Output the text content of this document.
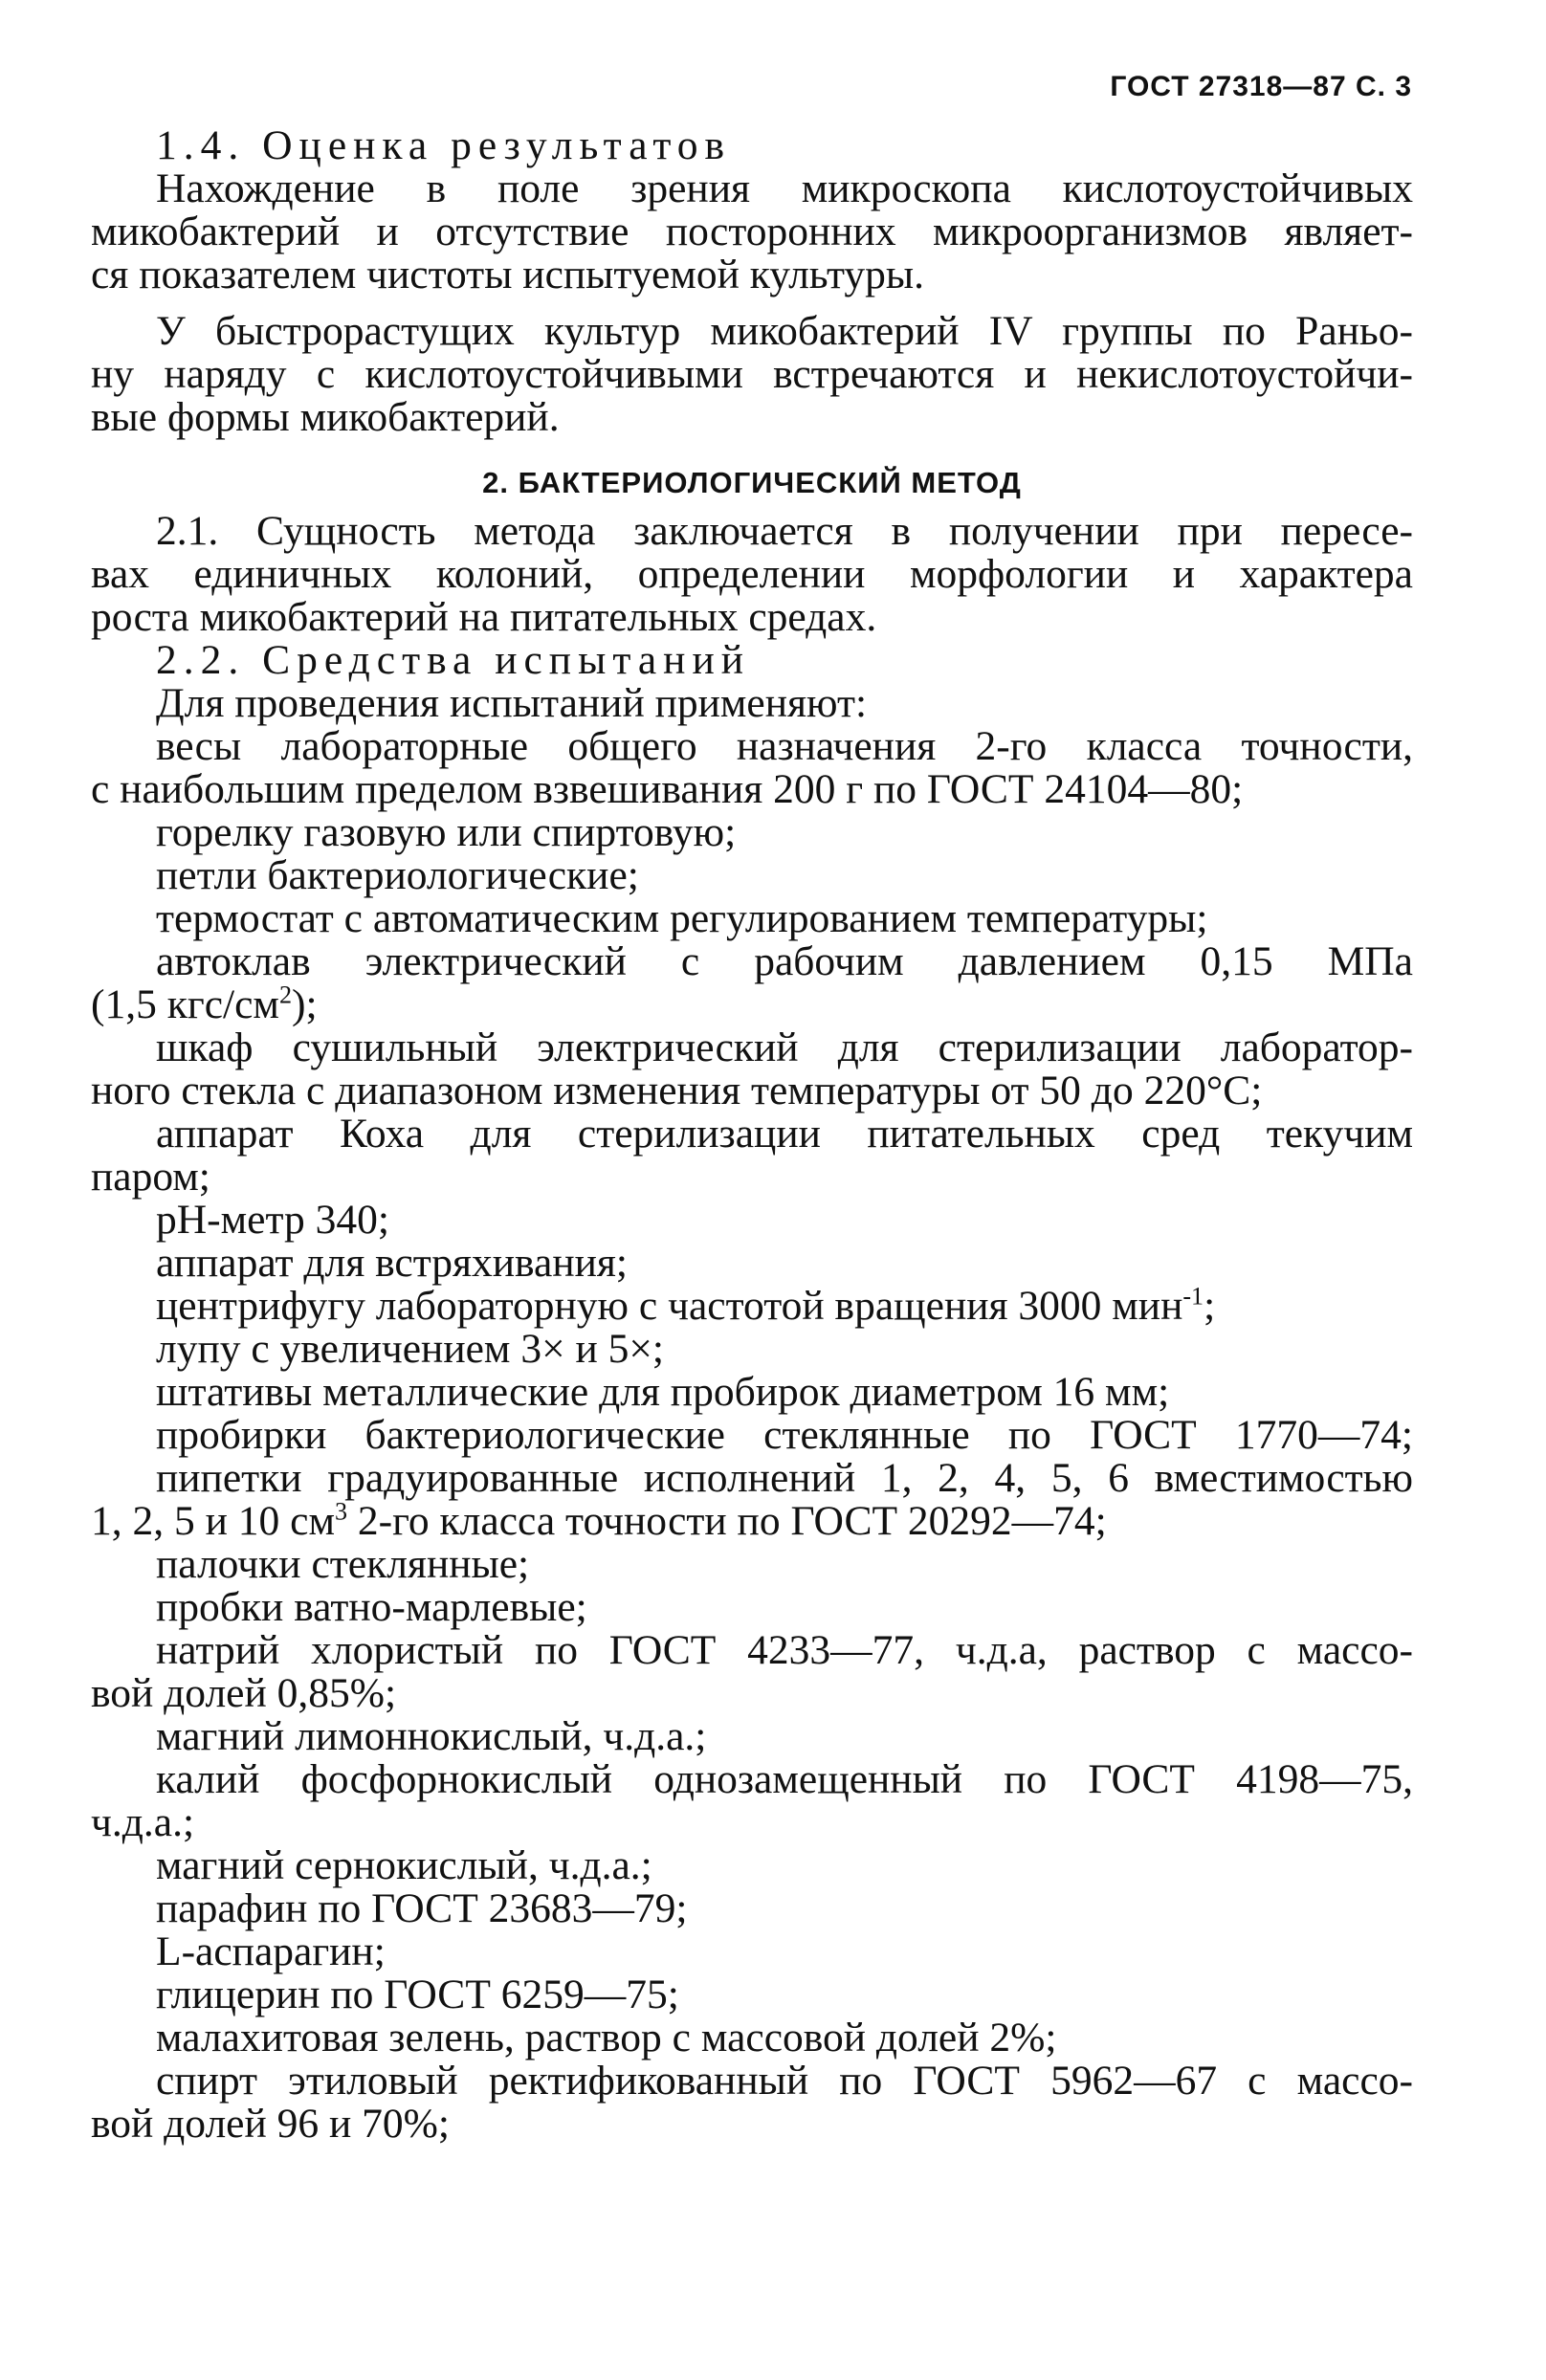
ГОСТ 27318—87 С. 3

1.4. Оценка результатов

Нахождение в поле зрения микроскопа кислотоустойчивых

микобактерий и отсутствие посторонних микроорганизмов являет-

ся показателем чистоты испытуемой культуры.

У быстрорастущих культур микобактерий IV группы по Раньо-

ну наряду с кислотоустойчивыми встречаются и некислотоустойчи-

вые формы микобактерий.

2. БАКТЕРИОЛОГИЧЕСКИЙ МЕТОД

2.1. Сущность метода заключается в получении при пересе-

вах единичных колоний, определении морфологии и характера

роста микобактерий на питательных средах.

2.2. Средства испытаний

Для проведения испытаний применяют:

весы лабораторные общего назначения 2-го класса точности,

с наибольшим пределом взвешивания 200 г по ГОСТ 24104—80;

горелку газовую или спиртовую;

петли бактериологические;

термостат с автоматическим регулированием температуры;

автоклав электрический с рабочим давлением 0,15 МПа

(1,5 кгс/$см^2$);

шкаф сушильный электрический для стерилизации лаборатор-

ного стекла с диапазоном изменения температуры от 50 до 220°С;

аппарат Коха для стерилизации питательных сред текучим

паром;

рН-метр 340;

аппарат для встряхивания;

центрифугу лабораторную с частотой вращения 3000 мин$^{-1}$;

лупу с увеличением 3× и 5×;

штативы металлические для пробирок диаметром 16 мм;

пробирки бактериологические стеклянные по ГОСТ 1770—74;

пипетки градуированные исполнений 1, 2, 4, 5, 6 вместимостью

1, 2, 5 и 10 $см^3$ 2-го класса точности по ГОСТ 20292—74;

палочки стеклянные;

пробки ватно-марлевые;

натрий хлористый по ГОСТ 4233—77, ч.д.а, раствор с массо-

вой долей 0,85%;

магний лимоннокислый, ч.д.а.;

калий фосфорнокислый однозамещенный по ГОСТ 4198—75,

ч.д.а.;

магний сернокислый, ч.д.а.;

парафин по ГОСТ 23683—79;

L-аспарагин;

глицерин по ГОСТ 6259—75;

малахитовая зелень, раствор с массовой долей 2%;

спирт этиловый ректификованный по ГОСТ 5962—67 с массо-

вой долей 96 и 70%;
